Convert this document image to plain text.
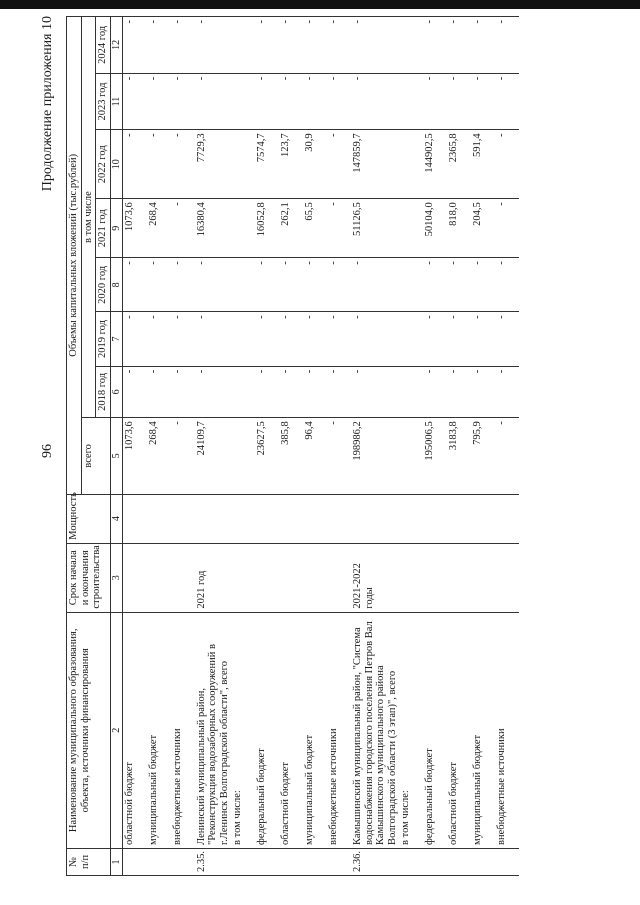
96
Продолжение приложения 10
№ п/п	Наименование муниципального образования, объекта, источники финансирования	Срок начала и окончания строительства	Мощность	Объемы капитальных вложений (тыс.рублей)							
				всего	в том числе						
					2018 год	2019 год	2020 год	2021 год	2022 год	2023 год	2024 год
1	2	3	4	5	6	7	8	9	10	11	12
	областной бюджет			1073,6	-	-	-	1073,6	-	-	-
	муниципальный бюджет			268,4	-	-	-	268,4	-	-	-
	внебюджетные источники			-	-	-	-	-	-	-	-
2.35.	Ленинский муниципальный район, "Реконструкция водозаборных сооружений в г.Ленинск Волгоградской области", всего	2021 год		24109,7	-	-	-	16380,4	7729,3	-	-
	в том числе:										
	федеральный бюджет			23627,5	-	-	-	16052,8	7574,7	-	-
	областной бюджет			385,8	-	-	-	262,1	123,7	-	-
	муниципальный бюджет			96,4	-	-	-	65,5	30,9	-	-
	внебюджетные источники			-	-	-	-	-	-	-	-
2.36.	Камышинский муниципальный район, "Система водоснабжения городского поселения Петров Вал Камышинского муниципального района Волгоградской области (3 этап)", всего	2021-2022 годы		198986,2	-	-	-	51126,5	147859,7	-	-
	в том числе:										
	федеральный бюджет			195006,5	-	-	-	50104,0	144902,5	-	-
	областной бюджет			3183,8	-	-	-	818,0	2365,8	-	-
	муниципальный бюджет			795,9	-	-	-	204,5	591,4	-	-
	внебюджетные источники			-	-	-	-	-	-	-	-
